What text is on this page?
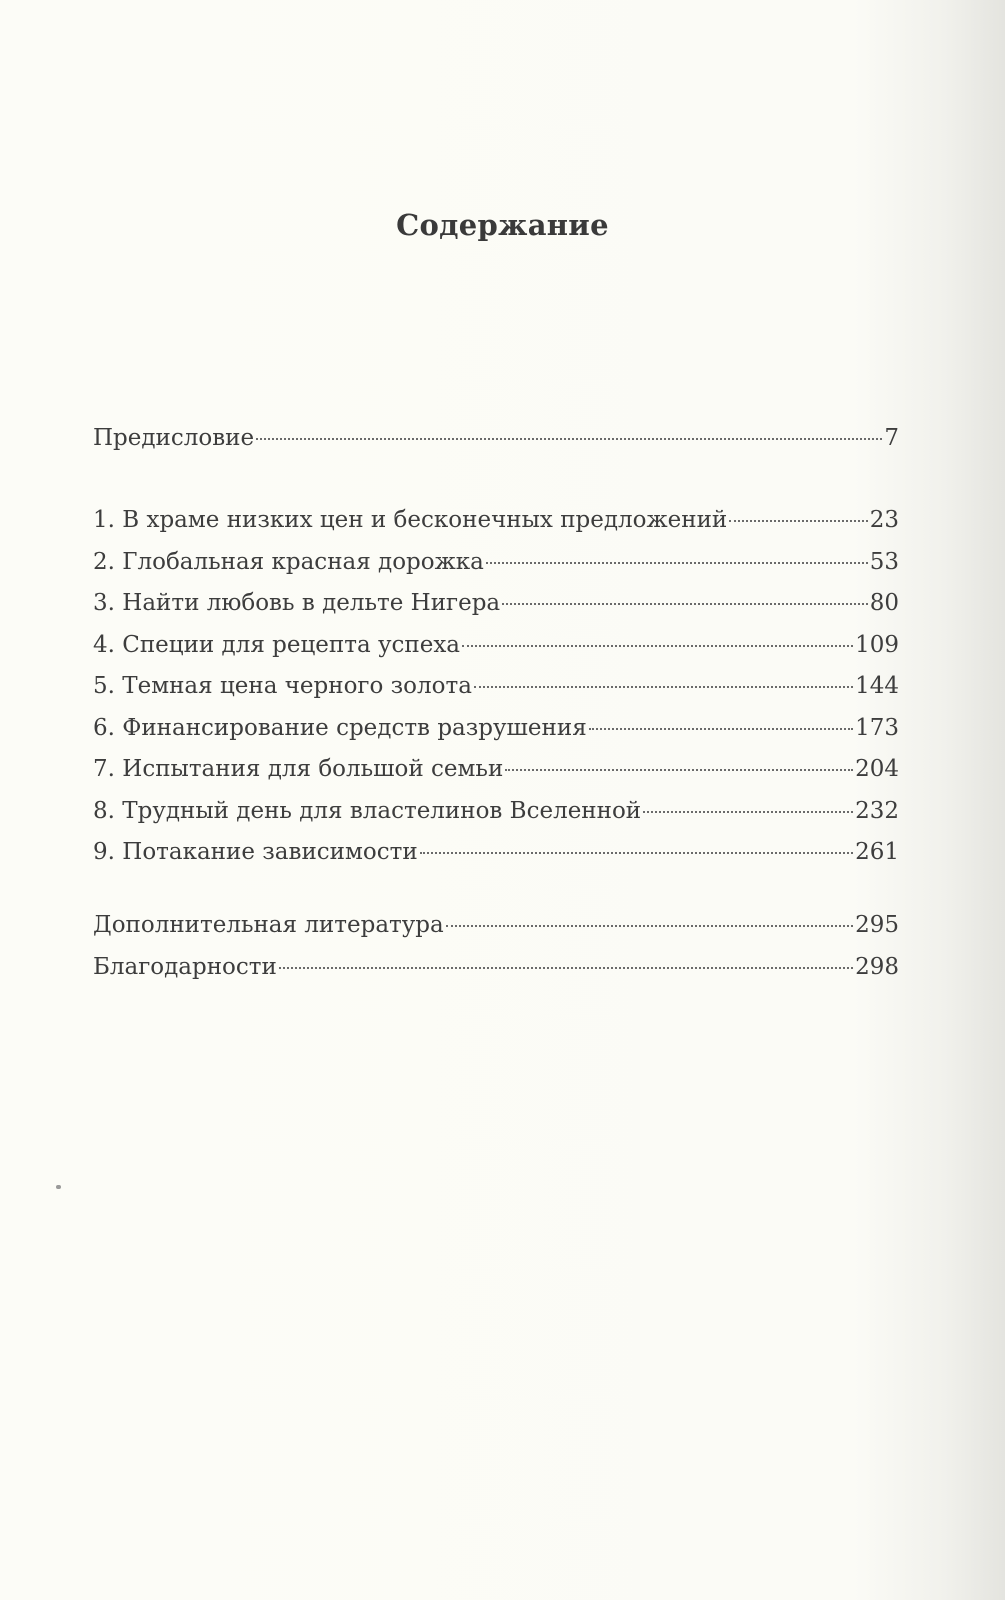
Содержание
Предисловие	7
1. В храме низких цен и бесконечных предложений	23
2. Глобальная красная дорожка	53
3. Найти любовь в дельте Нигера	80
4. Специи для рецепта успеха	109
5. Темная цена черного золота	144
6. Финансирование средств разрушения	173
7. Испытания для большой семьи	204
8. Трудный день для властелинов Вселенной	232
9. Потакание зависимости	261
Дополнительная литература	295
Благодарности	298
